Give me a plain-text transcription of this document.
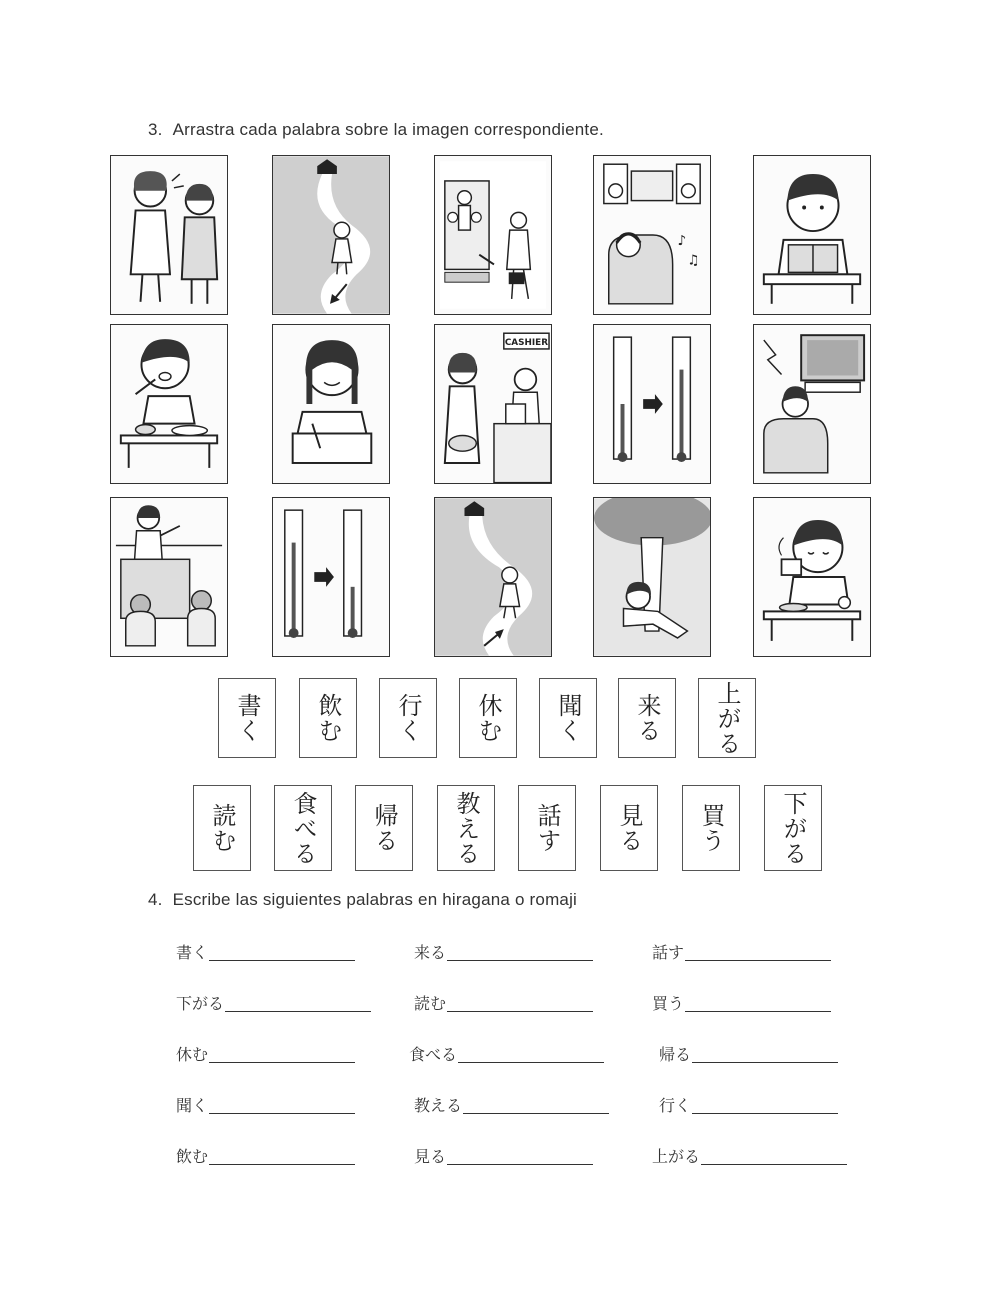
3. Arrastra cada palabra sobre la imagen correspondiente.
♪
♫
CASHIER
書く 飲む 行く 休む 聞く 来る 上がる
読む 食べる 帰る 教える 話す 見る 買う 下がる
4. Escribe las siguientes palabras en hiragana o romaji
書く	来る	話す
下がる	読む	買う
休む	食べる	帰る
聞く	教える	行く
飲む	見る	上がる
